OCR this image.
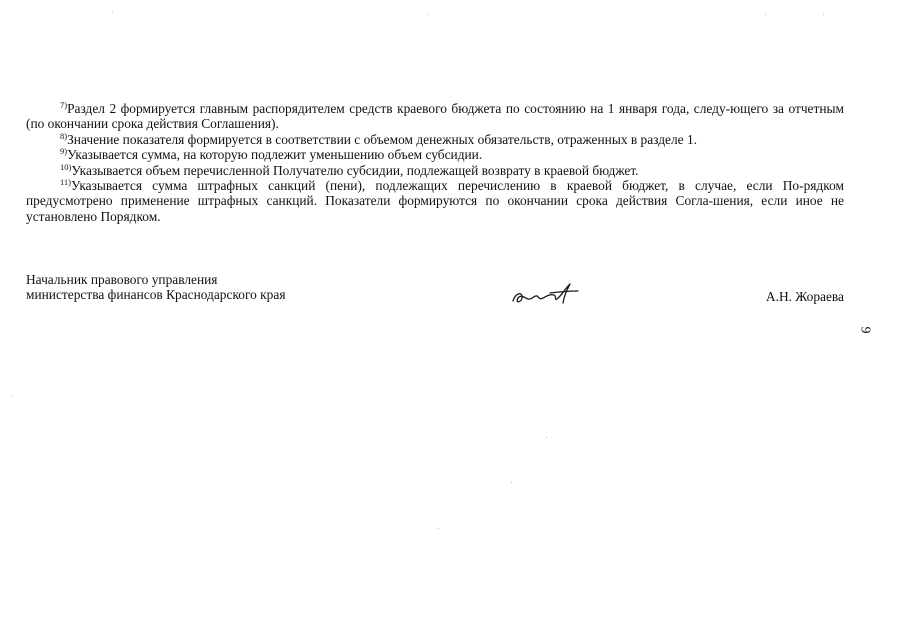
$^{7)}$Раздел 2 формируется главным распорядителем средств краевого бюджета по состоянию на 1 января года, следу-ющего за отчетным (по окончании срока действия Соглашения).

$^{8)}$Значение показателя формируется в соответствии с объемом денежных обязательств, отраженных в разделе 1.

$^{9)}$Указывается сумма, на которую подлежит уменьшению объем субсидии.

$^{10)}$Указывается объем перечисленной Получателю субсидии, подлежащей возврату в краевой бюджет.

$^{11)}$Указывается сумма штрафных санкций (пени), подлежащих перечислению в краевой бюджет, в случае, если По-рядком предусмотрено применение штрафных санкций. Показатели формируются по окончании срока действия Согла-шения, если иное не установлено Порядком.

Начальник правового управления
министерства финансов Краснодарского края	А.Н. Жораева
9
